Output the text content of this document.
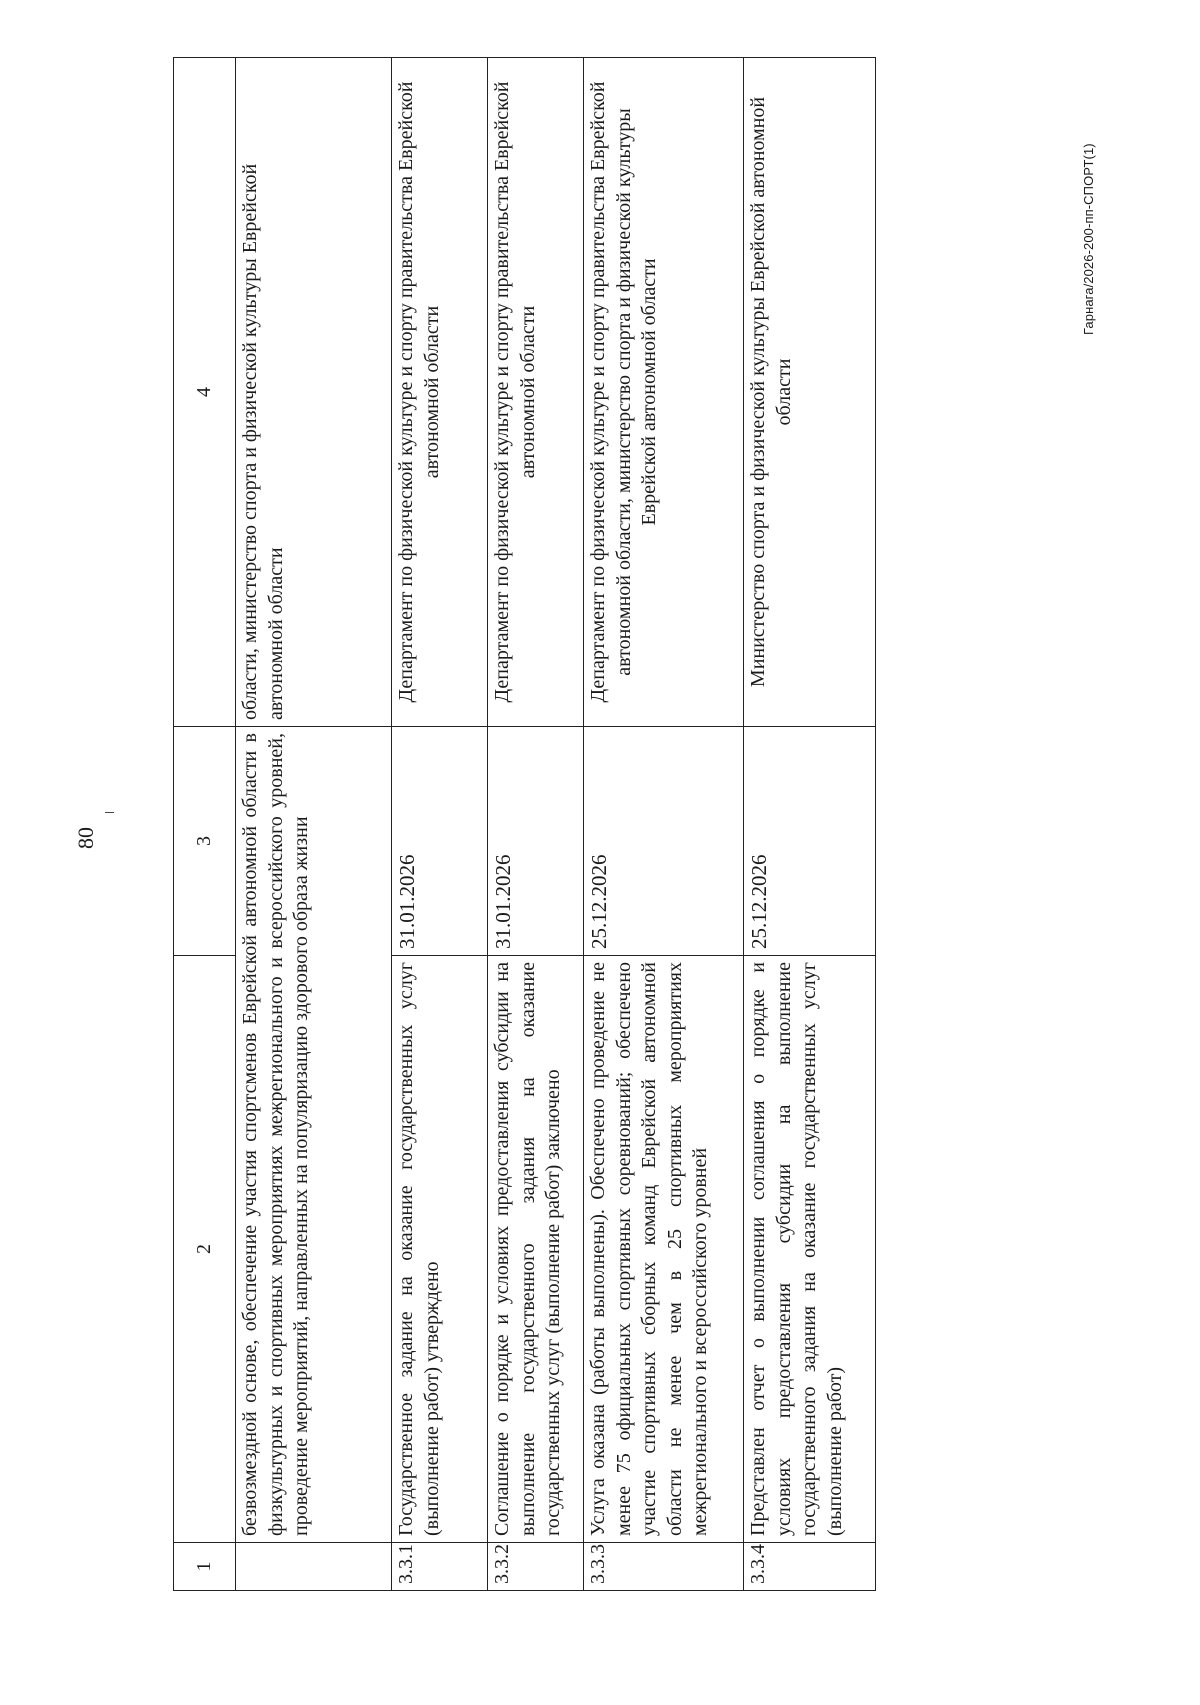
80
1	2	3	4
	безвозмездной основе, обеспечение участия спортсменов Еврейской автономной области в физкультурных и спортивных мероприятиях межрегионального и всероссийского уровней, проведение мероприятий, направленных на популяризацию здорового образа жизни		области, министерство спорта и физической культуры Еврейской автономной области
3.3.1	Государственное задание на оказание государственных услуг (выполнение работ) утверждено	31.01.2026	Департамент по физической культуре и спорту правительства Еврейской автономной области
3.3.2	Соглашение о порядке и условиях предоставления субсидии на выполнение государственного задания на оказание государственных услуг (выполнение работ) заключено	31.01.2026	Департамент по физической культуре и спорту правительства Еврейской автономной области
3.3.3	Услуга оказана (работы выполнены). Обеспечено проведение не менее 75 официальных спортивных соревнований; обеспечено участие спортивных сборных команд Еврейской автономной области не менее чем в 25 спортивных мероприятиях межрегионального и всероссийского уровней	25.12.2026	Департамент по физической культуре и спорту правительства Еврейской автономной области, министерство спорта и физической культуры Еврейской автономной области
3.3.4	Представлен отчет о выполнении соглашения о порядке и условиях предоставления субсидии на выполнение государственного задания на оказание государственных услуг (выполнение работ)	25.12.2026	Министерство спорта и физической культуры Еврейской автономной области
Гарнага/2026-200-пп-СПОРТ(1)
